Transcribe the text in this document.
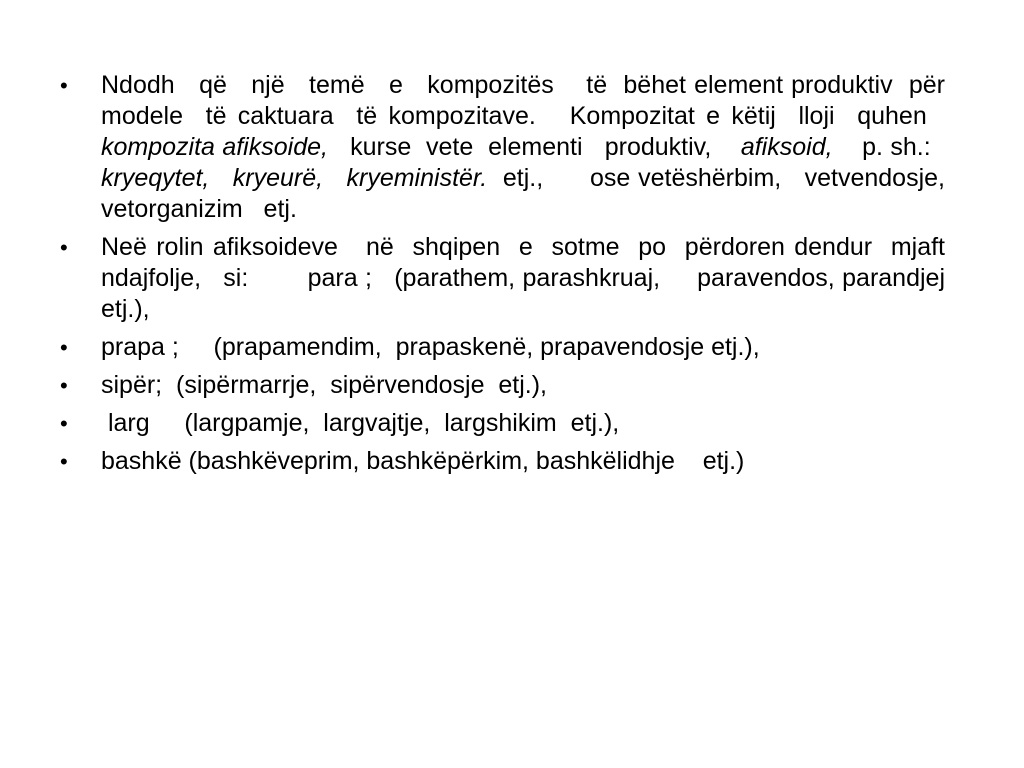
• Ndodh   që   një   temë   e   kompozitës    të  bëhet element produktiv  për modele  të caktuara  të kompozitave.   Kompozitat e këtij  lloji  quhen   kompozita afiksoide,   kurse  vete  elementi   produktiv,    afiksoid,    p. sh.:   kryeqytet,   kryeurë,   kryeministër.  etj.,      ose vetëshërbim,   vetvendosje,   vetorganizim   etj.
• Neë rolin afiksoideve   në  shqipen  e  sotme  po  përdoren dendur  mjaft  ndajfolje,   si:        para ;   (parathem, parashkruaj,     paravendos, parandjej       etj.),
• prapa ;     (prapamendim,  prapaskenë, prapavendosje etj.),
• sipër;  (sipërmarrje,  sipërvendosje  etj.),
• larg     (largpamje,  largvajtje,  largshikim  etj.),
• bashkë (bashkëveprim, bashkëpërkim, bashkëlidhje    etj.)
